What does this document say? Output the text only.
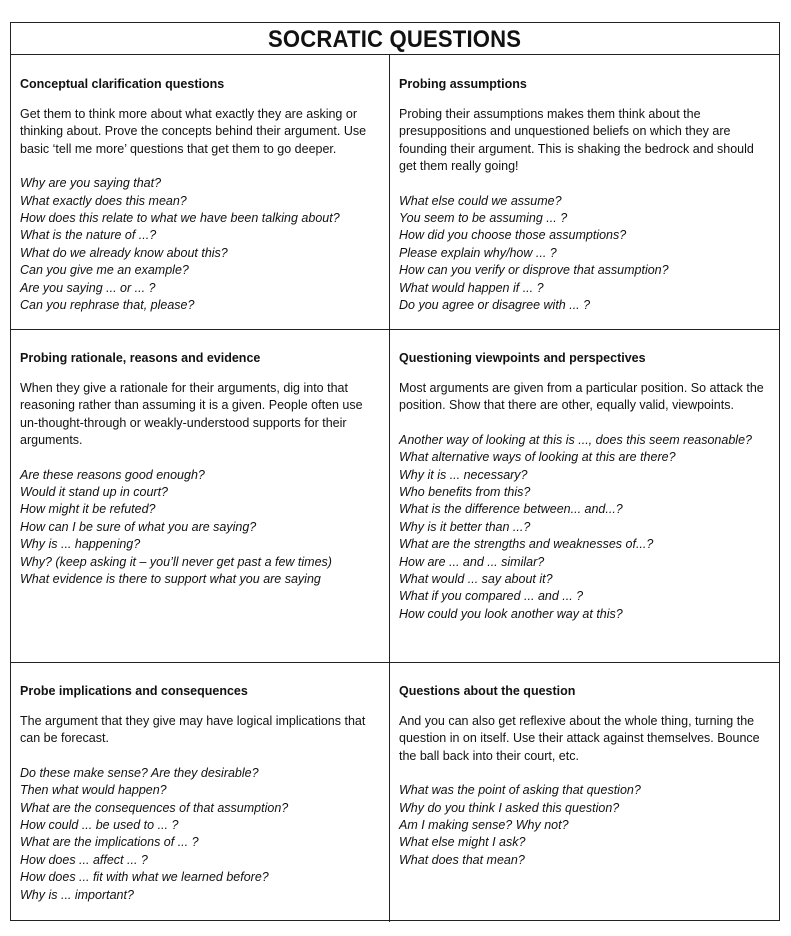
SOCRATIC QUESTIONS
Conceptual clarification questions
Get them to think more about what exactly they are asking or thinking about. Prove the concepts behind their argument. Use basic ‘tell me more’ questions that get them to go deeper.
Why are you saying that?
What exactly does this mean?
How does this relate to what we have been talking about?
What is the nature of ...?
What do we already know about this?
Can you give me an example?
Are you saying ... or ... ?
Can you rephrase that, please?
Probing assumptions
Probing their assumptions makes them think about the presuppositions and unquestioned beliefs on which they are founding their argument. This is shaking the bedrock and should get them really going!
What else could we assume?
You seem to be assuming ... ?
How did you choose those assumptions?
Please explain why/how ... ?
How can you verify or disprove that assumption?
What would happen if ... ?
Do you agree or disagree with ... ?
Probing rationale, reasons and evidence
When they give a rationale for their arguments, dig into that reasoning rather than assuming it is a given. People often use un-thought-through or weakly-understood supports for their arguments.
Are these reasons good enough?
Would it stand up in court?
How might it be refuted?
How can I be sure of what you are saying?
Why is ... happening?
Why? (keep asking it – you’ll never get past a few times)
What evidence is there to support what you are saying
Questioning viewpoints and perspectives
Most arguments are given from a particular position. So attack the position. Show that there are other, equally valid, viewpoints.
Another way of looking at this is ..., does this seem reasonable?
What alternative ways of looking at this are there?
Why it is ... necessary?
Who benefits from this?
What is the difference between... and...?
Why is it better than ...?
What are the strengths and weaknesses of...?
How are ... and ... similar?
What would ... say about it?
What if you compared ... and ... ?
How could you look another way at this?
Probe implications and consequences
The argument that they give may have logical implications that can be forecast.
Do these make sense? Are they desirable?
Then what would happen?
What are the consequences of that assumption?
How could ... be used to ... ?
What are the implications of ... ?
How does ... affect ... ?
How does ... fit with what we learned before?
Why is ... important?
Questions about the question
And you can also get reflexive about the whole thing, turning the question in on itself. Use their attack against themselves. Bounce the ball back into their court, etc.
What was the point of asking that question?
Why do you think I asked this question?
Am I making sense? Why not?
What else might I ask?
What does that mean?
